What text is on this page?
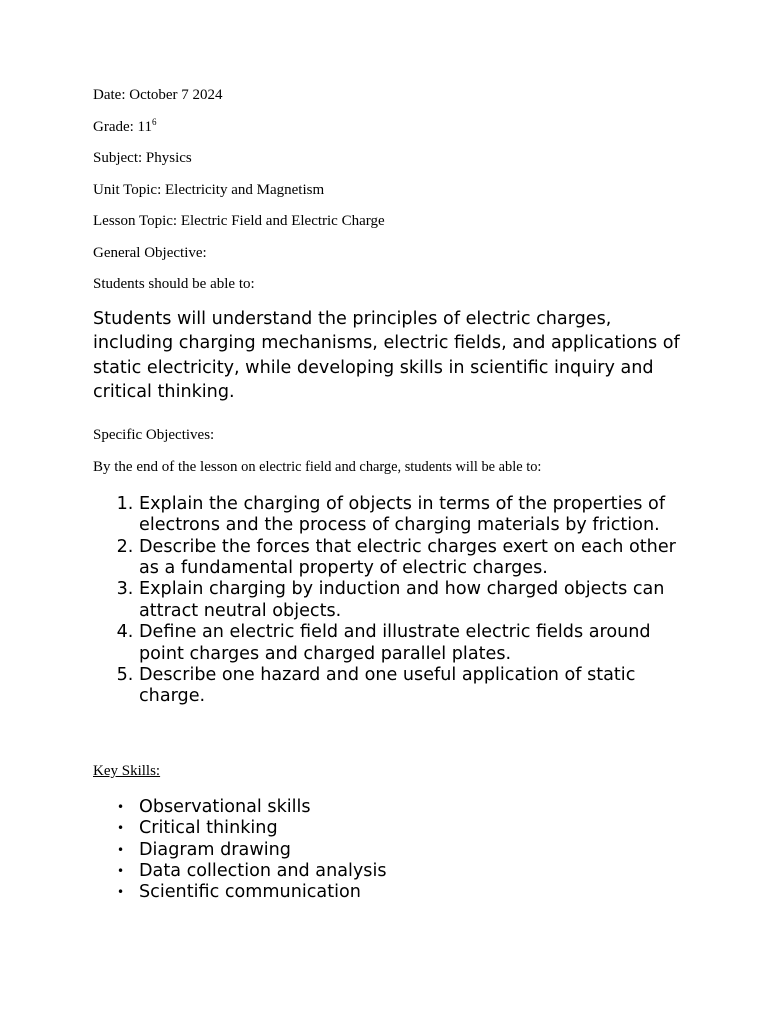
Date: October 7 2024

Grade: $11^6$

Subject: Physics

Unit Topic: Electricity and Magnetism

Lesson Topic: Electric Field and Electric Charge

General Objective:

Students should be able to:

Students will understand the principles of electric charges, including charging mechanisms, electric fields, and applications of static electricity, while developing skills in scientific inquiry and critical thinking.

Specific Objectives:

By the end of the lesson on electric field and charge, students will be able to:

1. Explain the charging of objects in terms of the properties of electrons and the process of charging materials by friction.
2. Describe the forces that electric charges exert on each other as a fundamental property of electric charges.
3. Explain charging by induction and how charged objects can attract neutral objects.
4. Define an electric field and illustrate electric fields around point charges and charged parallel plates.
5. Describe one hazard and one useful application of static charge.

Key Skills:

• Observational skills
• Critical thinking
• Diagram drawing
• Data collection and analysis
• Scientific communication
